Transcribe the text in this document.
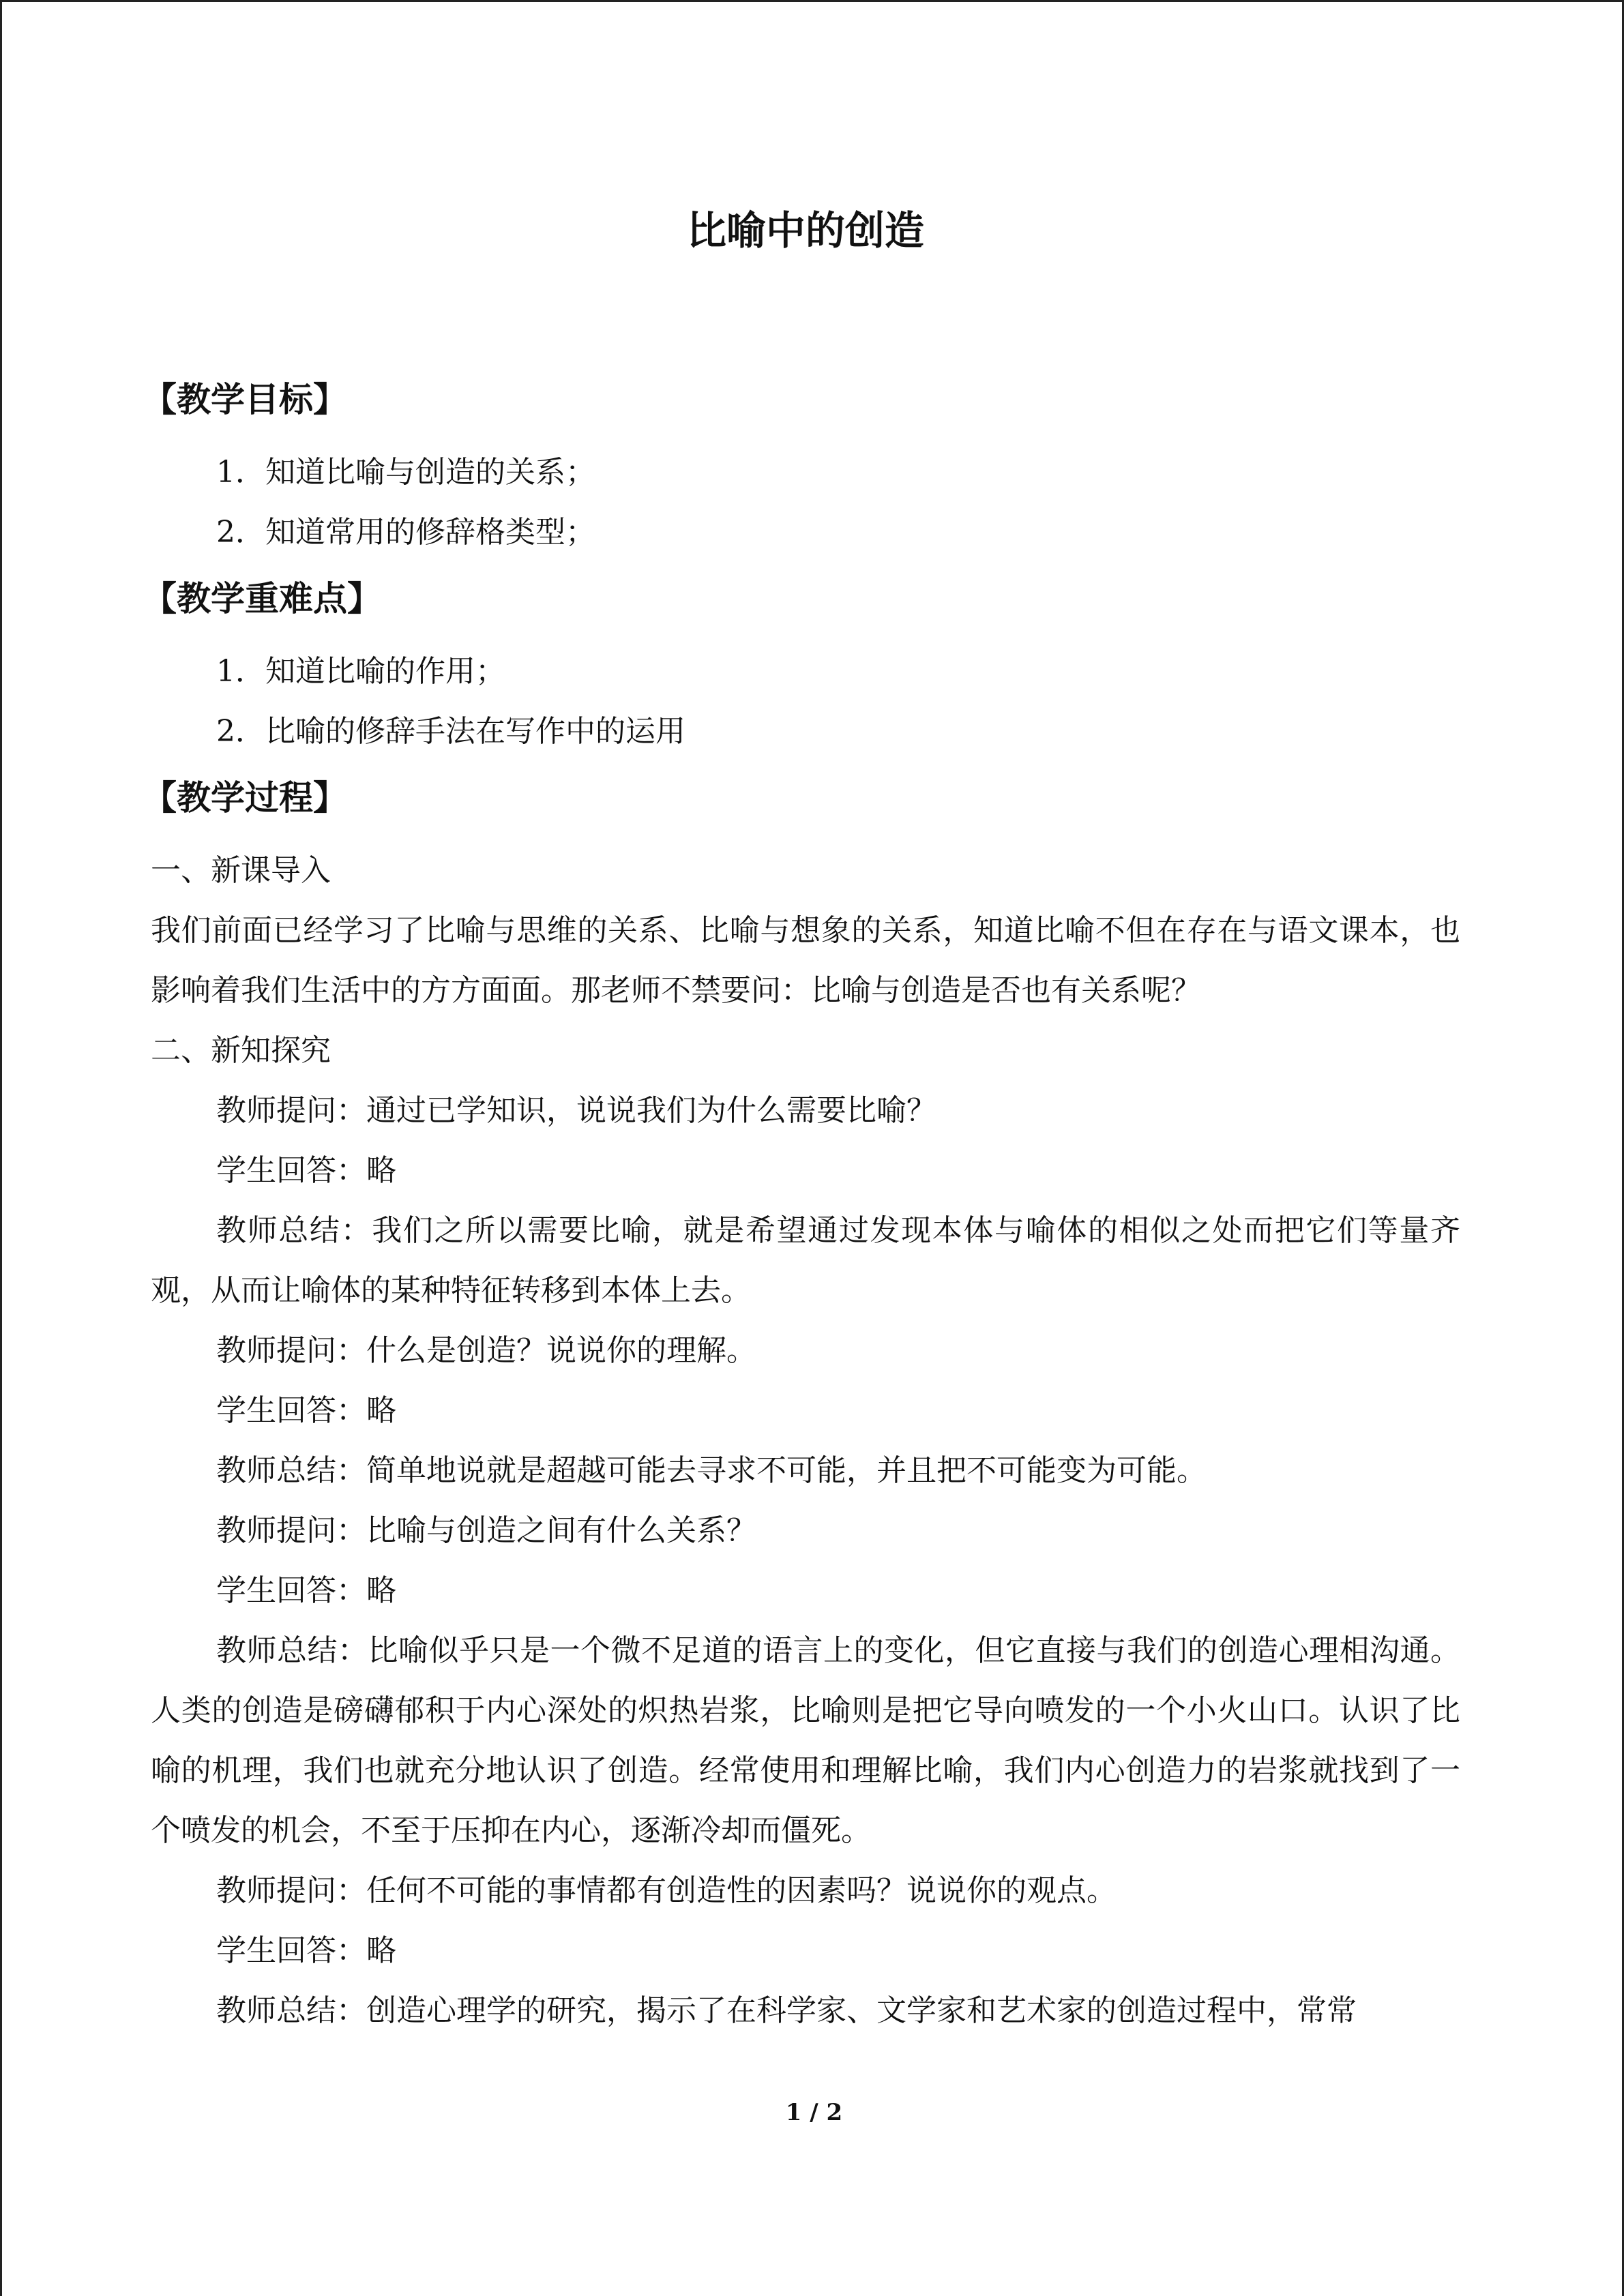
比喻中的创造
【教学目标】
1．知道比喻与创造的关系；
2．知道常用的修辞格类型；
【教学重难点】
1．知道比喻的作用；
2．比喻的修辞手法在写作中的运用
【教学过程】

一、新课导入

我们前面已经学习了比喻与思维的关系、比喻与想象的关系，知道比喻不但在存在与语文课本，也影响着我们生活中的方方面面。那老师不禁要问：比喻与创造是否也有关系呢？

二、新知探究

教师提问：通过已学知识，说说我们为什么需要比喻？

学生回答：略

教师总结：我们之所以需要比喻，就是希望通过发现本体与喻体的相似之处而把它们等量齐观，从而让喻体的某种特征转移到本体上去。

教师提问：什么是创造？说说你的理解。

学生回答：略

教师总结：简单地说就是超越可能去寻求不可能，并且把不可能变为可能。

教师提问：比喻与创造之间有什么关系？

学生回答：略

教师总结：比喻似乎只是一个微不足道的语言上的变化，但它直接与我们的创造心理相沟通。人类的创造是磅礴郁积于内心深处的炽热岩浆，比喻则是把它导向喷发的一个小火山口。认识了比喻的机理，我们也就充分地认识了创造。经常使用和理解比喻，我们内心创造力的岩浆就找到了一个喷发的机会，不至于压抑在内心，逐渐冷却而僵死。

教师提问：任何不可能的事情都有创造性的因素吗？说说你的观点。

学生回答：略

教师总结：创造心理学的研究，揭示了在科学家、文学家和艺术家的创造过程中，常常

1 / 2
